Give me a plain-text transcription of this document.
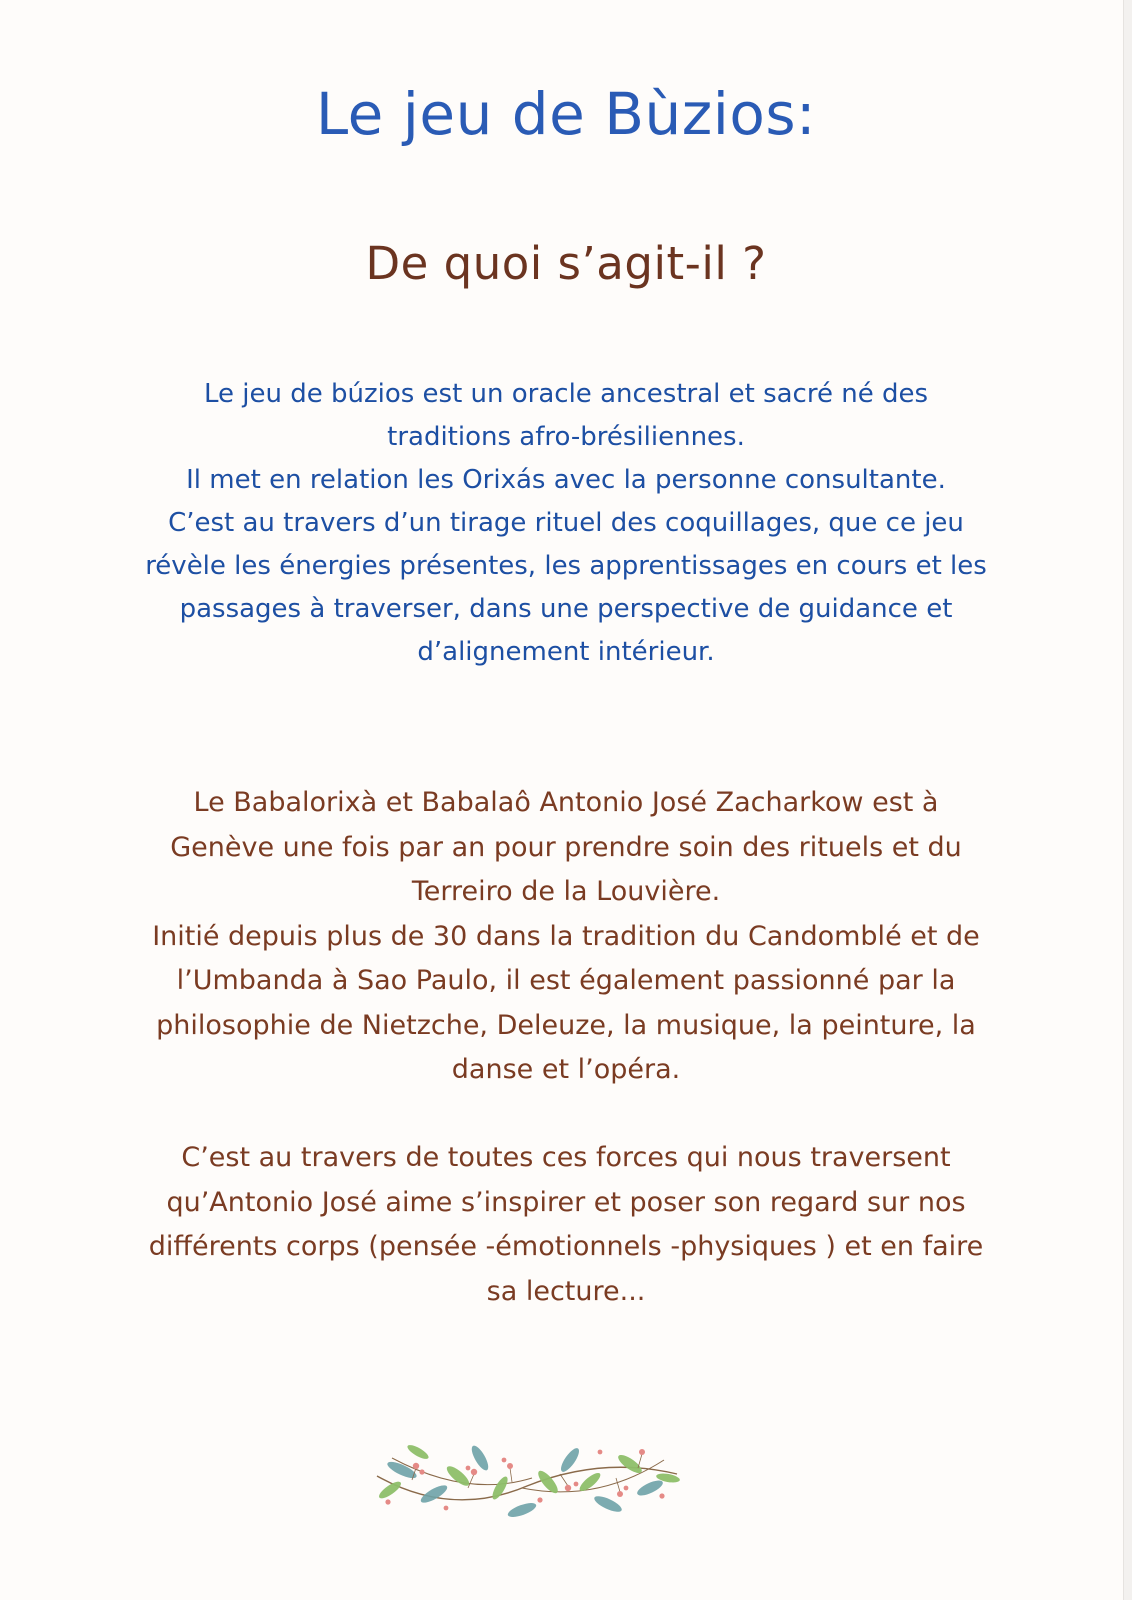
Le jeu de Bùzios:
De quoi s’agit-il ?
Le jeu de búzios est un oracle ancestral et sacré né des
traditions afro-brésiliennes.
Il met en relation les Orixás avec la personne consultante.
C’est au travers d’un tirage rituel des coquillages, que ce jeu
révèle les énergies présentes, les apprentissages en cours et les
passages à traverser, dans une perspective de guidance et
d’alignement intérieur.
Le Babalorixà et Babalaô Antonio José Zacharkow est à
Genève une fois par an pour prendre soin des rituels et du
Terreiro de la Louvière.
Initié depuis plus de 30 dans la tradition du Candomblé et de
l’Umbanda à Sao Paulo, il est également passionné par la
philosophie de Nietzche, Deleuze, la musique, la peinture, la
danse et l’opéra.
C’est au travers de toutes ces forces qui nous traversent
qu’Antonio José aime s’inspirer et poser son regard sur nos
différents corps (pensée -émotionnels -physiques ) et en faire
sa lecture...
